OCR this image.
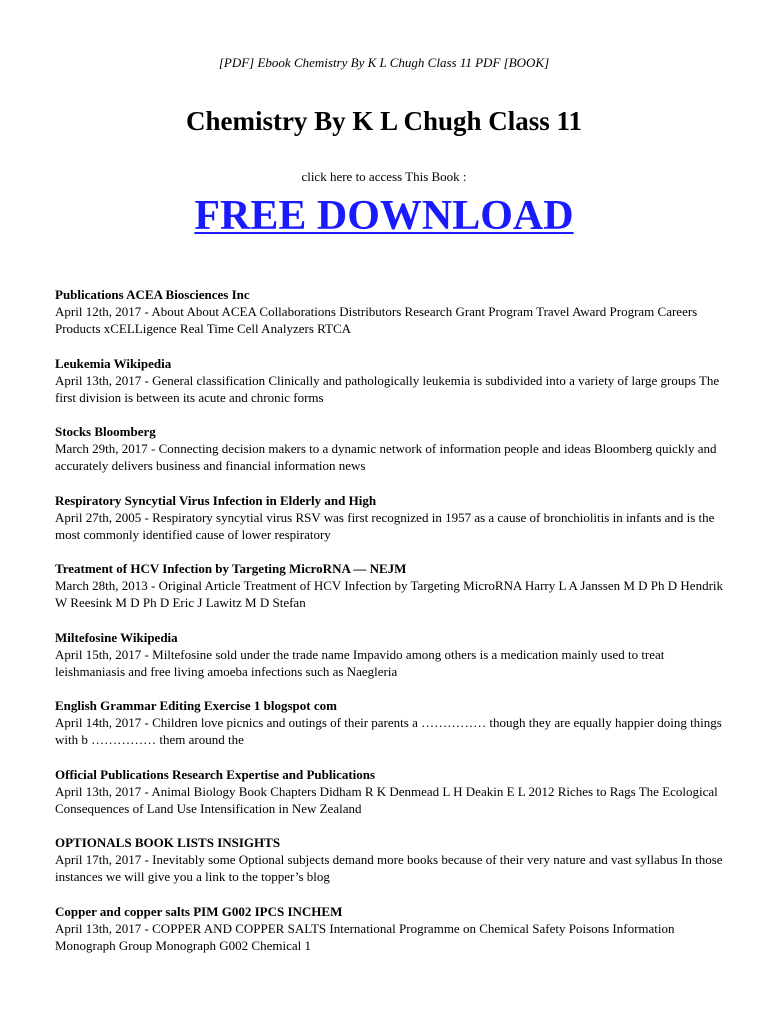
[PDF] Ebook Chemistry By K L Chugh Class 11 PDF [BOOK]
Chemistry By K L Chugh Class 11
click here to access This Book :
FREE DOWNLOAD
Publications ACEA Biosciences Inc
April 12th, 2017 - About About ACEA Collaborations Distributors Research Grant Program Travel Award Program Careers Products xCELLigence Real Time Cell Analyzers RTCA
Leukemia Wikipedia
April 13th, 2017 - General classification Clinically and pathologically leukemia is subdivided into a variety of large groups The first division is between its acute and chronic forms
Stocks Bloomberg
March 29th, 2017 - Connecting decision makers to a dynamic network of information people and ideas Bloomberg quickly and accurately delivers business and financial information news
Respiratory Syncytial Virus Infection in Elderly and High
April 27th, 2005 - Respiratory syncytial virus RSV was first recognized in 1957 as a cause of bronchiolitis in infants and is the most commonly identified cause of lower respiratory
Treatment of HCV Infection by Targeting MicroRNA — NEJM
March 28th, 2013 - Original Article Treatment of HCV Infection by Targeting MicroRNA Harry L A Janssen M D Ph D Hendrik W Reesink M D Ph D Eric J Lawitz M D Stefan
Miltefosine Wikipedia
April 15th, 2017 - Miltefosine sold under the trade name Impavido among others is a medication mainly used to treat leishmaniasis and free living amoeba infections such as Naegleria
English Grammar Editing Exercise 1 blogspot com
April 14th, 2017 - Children love picnics and outings of their parents a …………… though they are equally happier doing things with b …………… them around the
Official Publications Research Expertise and Publications
April 13th, 2017 - Animal Biology Book Chapters Didham R K Denmead L H Deakin E L 2012 Riches to Rags The Ecological Consequences of Land Use Intensification in New Zealand
OPTIONALS BOOK LISTS INSIGHTS
April 17th, 2017 - Inevitably some Optional subjects demand more books because of their very nature and vast syllabus In those instances we will give you a link to the topper’s blog
Copper and copper salts PIM G002 IPCS INCHEM
April 13th, 2017 - COPPER AND COPPER SALTS International Programme on Chemical Safety Poisons Information Monograph Group Monograph G002 Chemical 1
